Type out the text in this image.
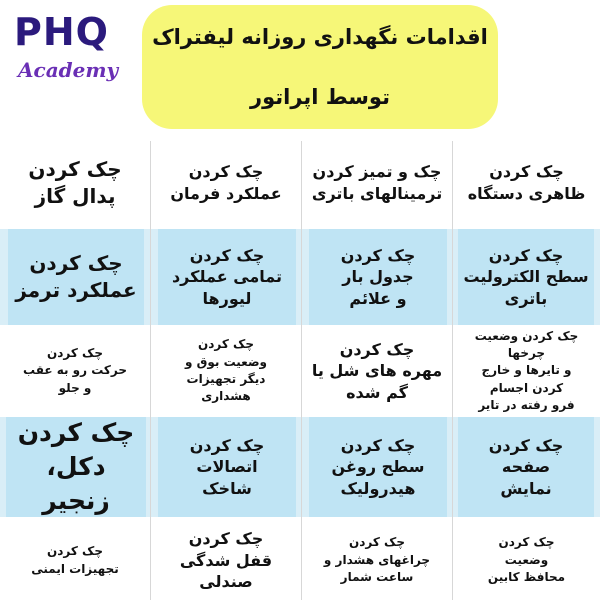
PHQ
Academy
اقدامات نگهداری روزانه لیفتراک
توسط اپراتور
چک کردن
پدال گاز
چک کردن
عملکرد فرمان
چک و تمیز کردن
ترمینالهای باتری
چک کردن
ظاهری دستگاه
چک کردن
عملکرد ترمز
چک کردن
تمامی عملکرد
لیورها
چک کردن
جدول بار
و علائم
چک کردن
سطح الکترولیت
باتری
چک کردن
حرکت رو به عقب
و جلو
چک کردن
وضعیت بوق و
دیگر تجهیزات
هشداری
چک کردن
مهره های شل یا
گم شده
چک کردن وضعیت چرخها
و تایرها و خارج
کردن اجسام
فرو رفته در تایر
چک کردن
دکل، زنجیر
چک کردن
اتصالات
شاخک
چک کردن
سطح روغن
هیدرولیک
چک کردن
صفحه
نمایش
چک کردن
تجهیزات ایمنی
چک کردن
قفل شدگی
صندلی
چک کردن
چراغهای هشدار و
ساعت شمار
چک کردن
وضعیت
محافظ کابین
